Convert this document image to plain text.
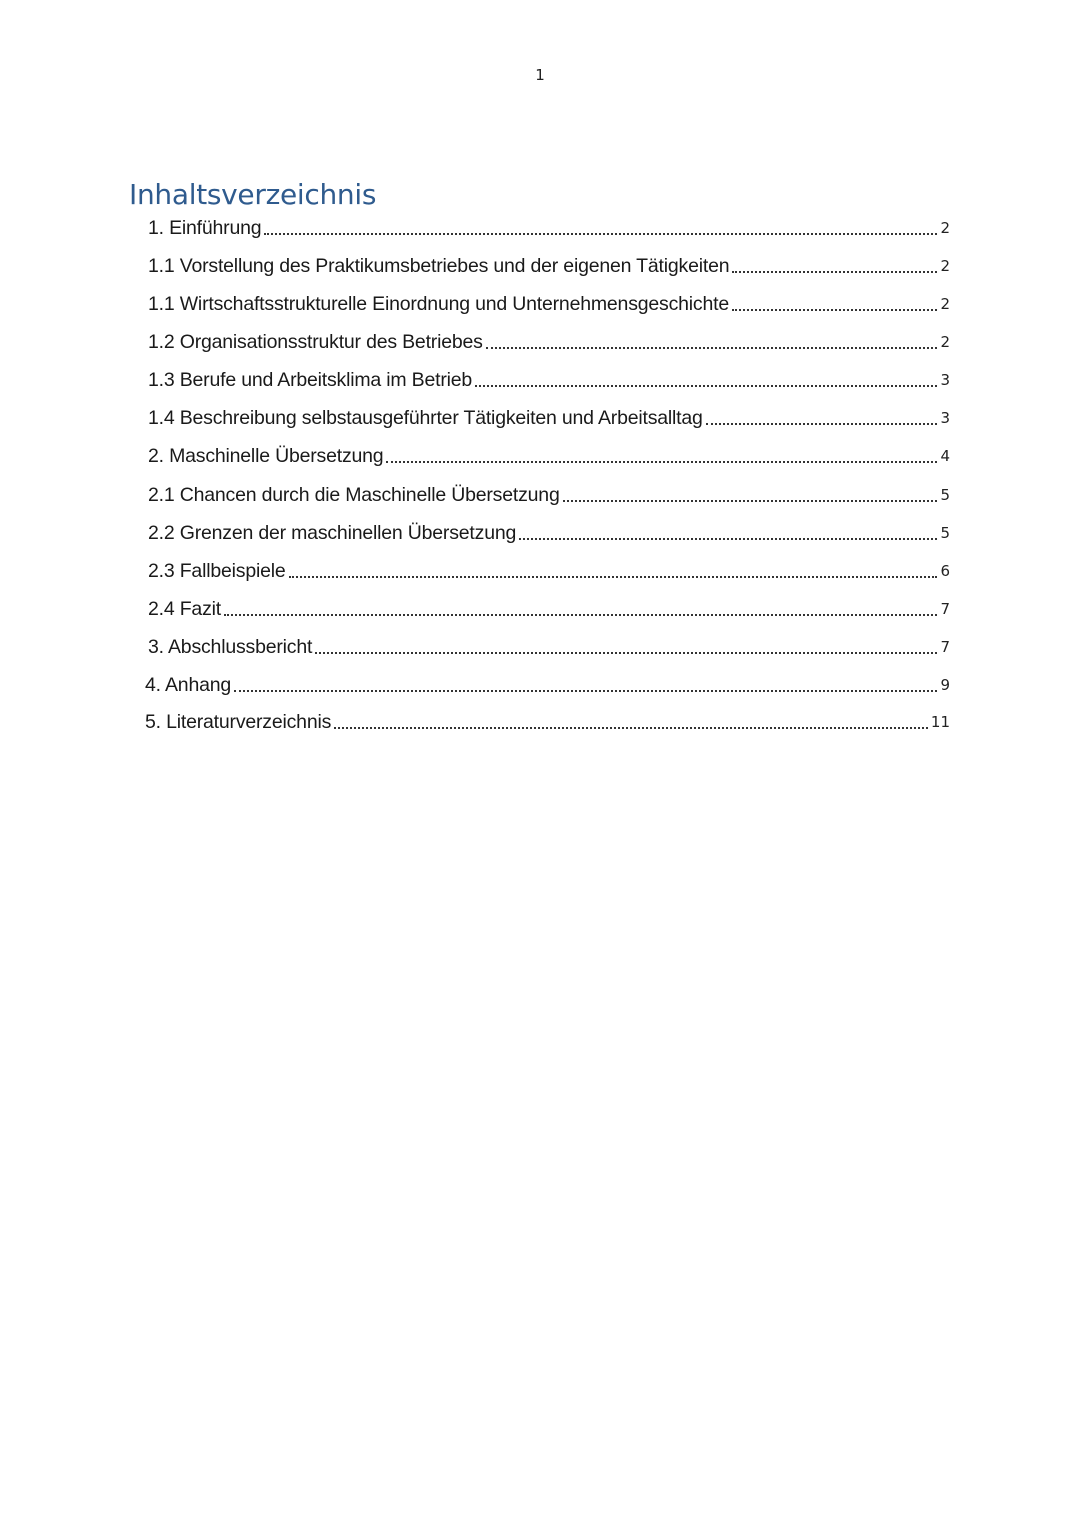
1
Inhaltsverzeichnis
1. Einführung	2
1.1 Vorstellung des Praktikumsbetriebes und der eigenen Tätigkeiten	2
1.1 Wirtschaftsstrukturelle Einordnung und Unternehmensgeschichte	2
1.2 Organisationsstruktur des Betriebes	2
1.3 Berufe und Arbeitsklima im Betrieb	3
1.4 Beschreibung selbstausgeführter Tätigkeiten und Arbeitsalltag	3
2. Maschinelle Übersetzung	4
2.1 Chancen durch die Maschinelle Übersetzung	5
2.2 Grenzen der maschinellen Übersetzung	5
2.3 Fallbeispiele	6
2.4 Fazit	7
3. Abschlussbericht	7
4. Anhang	9
5. Literaturverzeichnis	11
